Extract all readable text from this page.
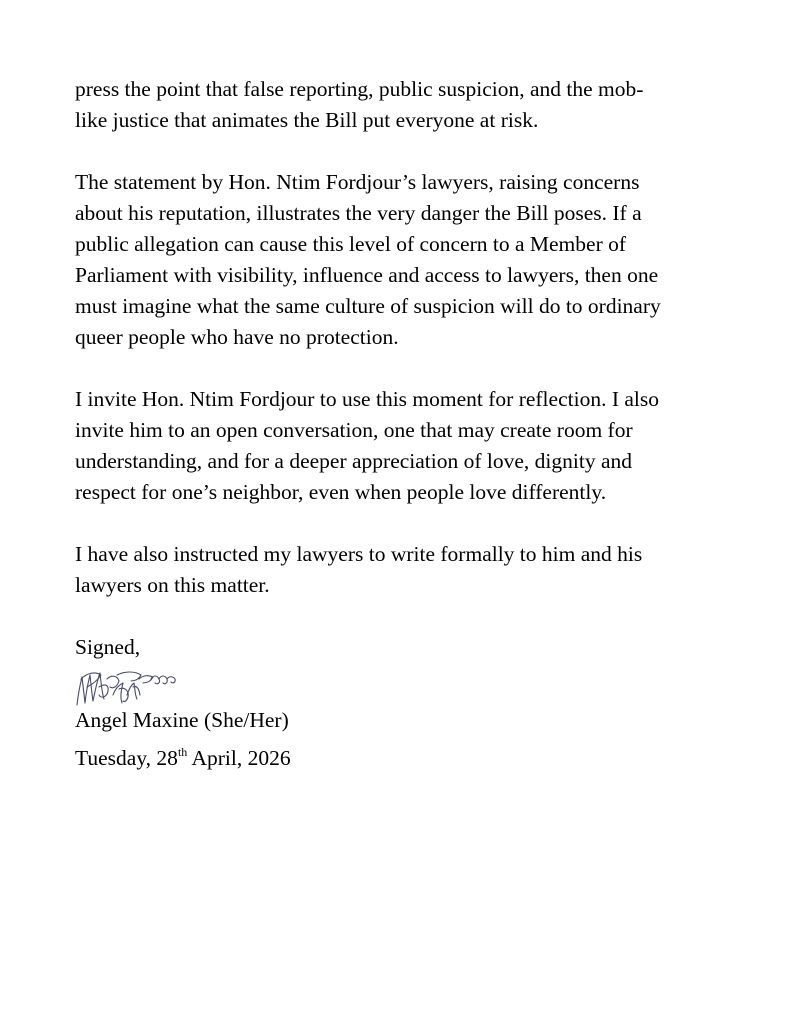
press the point that false reporting, public suspicion, and the mob-
like justice that animates the Bill put everyone at risk.

The statement by Hon. Ntim Fordjour’s lawyers, raising concerns
about his reputation, illustrates the very danger the Bill poses. If a
public allegation can cause this level of concern to a Member of
Parliament with visibility, influence and access to lawyers, then one
must imagine what the same culture of suspicion will do to ordinary
queer people who have no protection.

I invite Hon. Ntim Fordjour to use this moment for reflection. I also
invite him to an open conversation, one that may create room for
understanding, and for a deeper appreciation of love, dignity and
respect for one’s neighbor, even when people love differently.

I have also instructed my lawyers to write formally to him and his
lawyers on this matter.

Signed,

Angel Maxine (She/Her)

Tuesday, 28th April, 2026
